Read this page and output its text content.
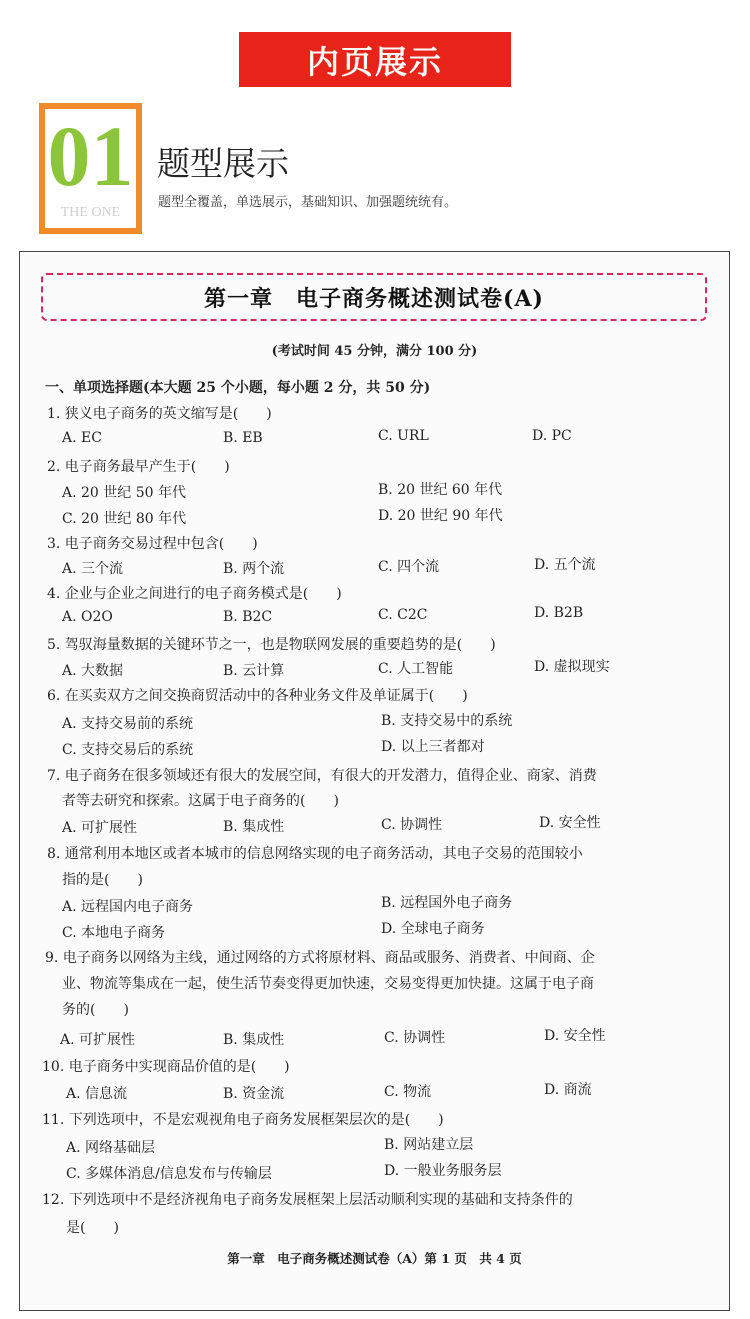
内页展示
01
THE ONE
题型展示
题型全覆盖，单选展示，基础知识、加强题统统有。
第一章　电子商务概述测试卷(A)
(考试时间 45 分钟，满分 100 分)
一、单项选择题(本大题 25 个小题，每小题 2 分，共 50 分)
1. 狭义电子商务的英文缩写是(　　)
A. EC	B. EB	C. URL	D. PC
2. 电子商务最早产生于(　　)
A. 20 世纪 50 年代	B. 20 世纪 60 年代
C. 20 世纪 80 年代	D. 20 世纪 90 年代
3. 电子商务交易过程中包含(　　)
A. 三个流	B. 两个流	C. 四个流	D. 五个流
4. 企业与企业之间进行的电子商务模式是(　　)
A. O2O	B. B2C	C. C2C	D. B2B
5. 驾驭海量数据的关键环节之一，也是物联网发展的重要趋势的是(　　)
A. 大数据	B. 云计算	C. 人工智能	D. 虚拟现实
6. 在买卖双方之间交换商贸活动中的各种业务文件及单证属于(　　)
A. 支持交易前的系统	B. 支持交易中的系统
C. 支持交易后的系统	D. 以上三者都对
7. 电子商务在很多领域还有很大的发展空间，有很大的开发潜力，值得企业、商家、消费
者等去研究和探索。这属于电子商务的(　　)
A. 可扩展性	B. 集成性	C. 协调性	D. 安全性
8. 通常利用本地区或者本城市的信息网络实现的电子商务活动，其电子交易的范围较小
指的是(　　)
A. 远程国内电子商务	B. 远程国外电子商务
C. 本地电子商务	D. 全球电子商务
9. 电子商务以网络为主线，通过网络的方式将原材料、商品或服务、消费者、中间商、企
业、物流等集成在一起，使生活节奏变得更加快速，交易变得更加快捷。这属于电子商
务的(　　)
A. 可扩展性	B. 集成性	C. 协调性	D. 安全性
10. 电子商务中实现商品价值的是(　　)
A. 信息流	B. 资金流	C. 物流	D. 商流
11. 下列选项中，不是宏观视角电子商务发展框架层次的是(　　)
A. 网络基础层	B. 网站建立层
C. 多媒体消息/信息发布与传输层	D. 一般业务服务层
12. 下列选项中不是经济视角电子商务发展框架上层活动顺利实现的基础和支持条件的
是(　　)
第一章　电子商务概述测试卷（A）第 1 页　共 4 页
